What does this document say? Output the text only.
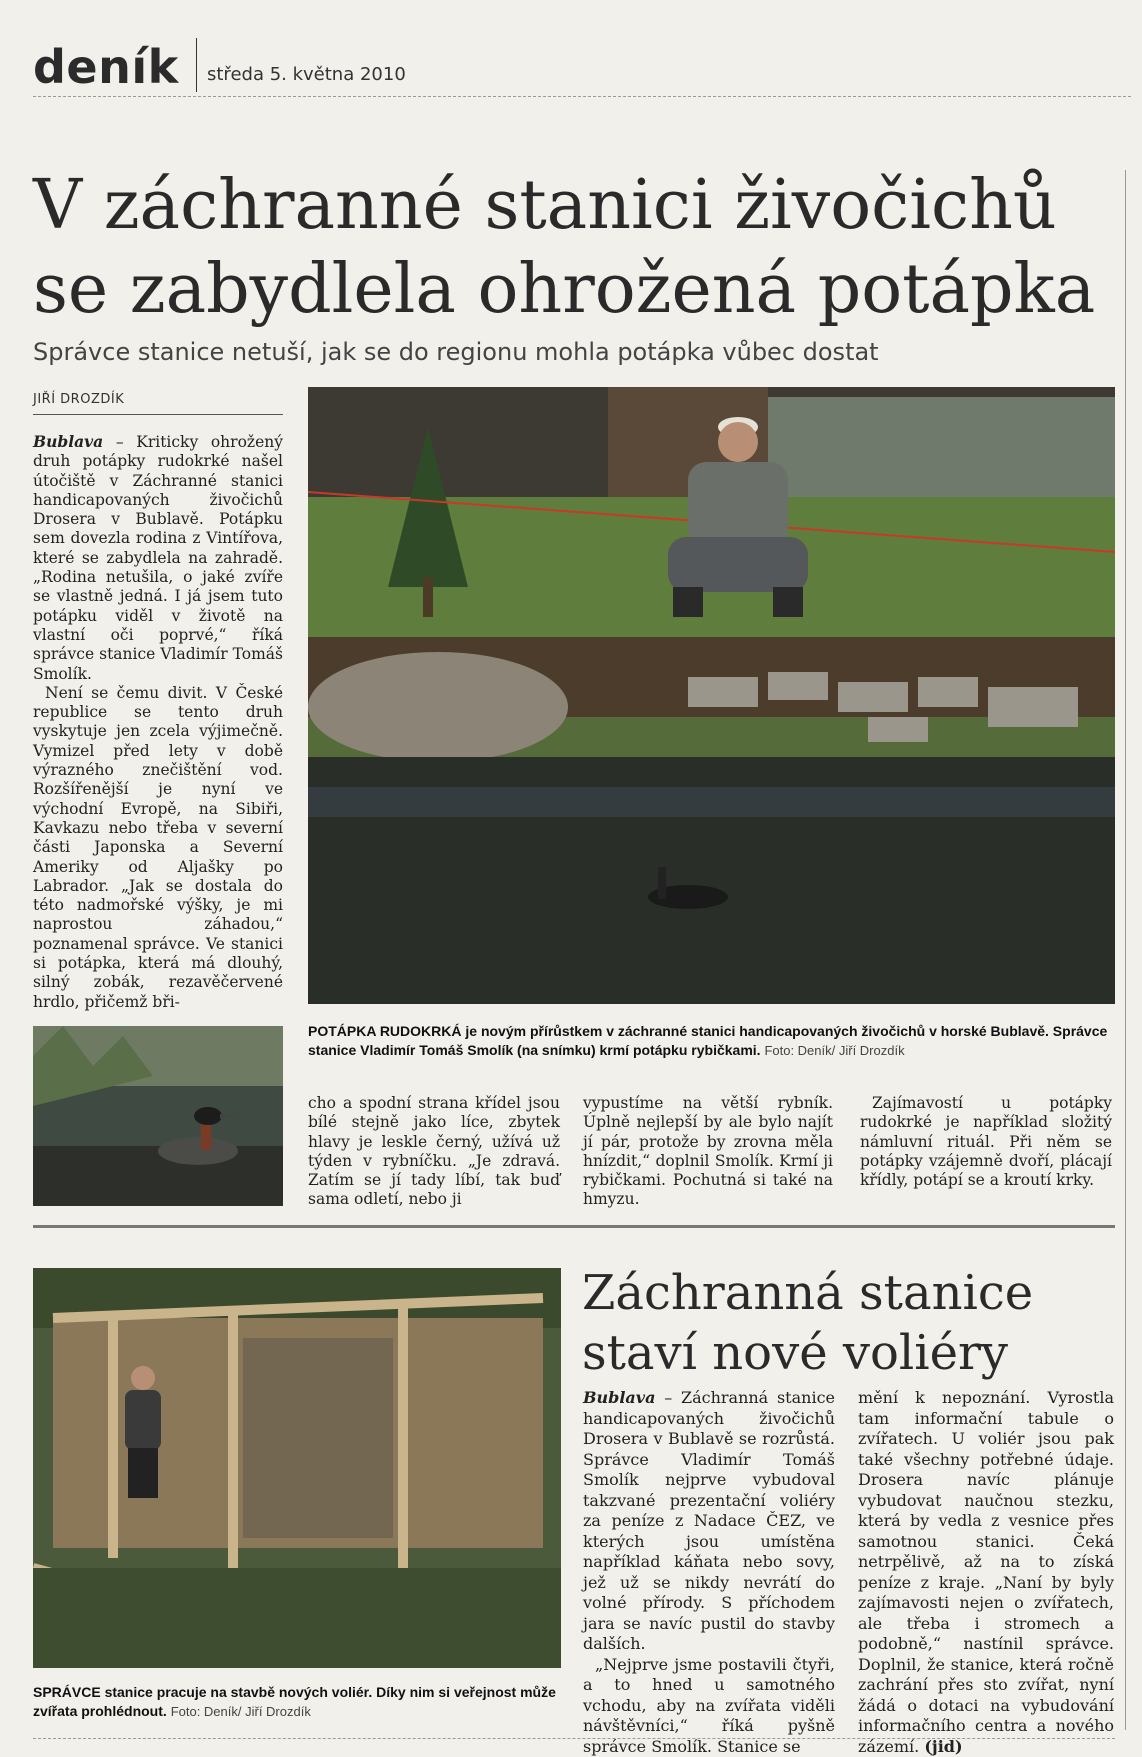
deník středa 5. května 2010
V záchranné stanici živočichů
se zabydlela ohrožená potápka
Správce stanice netuší, jak se do regionu mohla potápka vůbec dostat
JIŘÍ DROZDÍK

Bublava – Kriticky ohrožený druh potápky rudokrké našel útočiště v Záchranné stanici handicapovaných živočichů Drosera v Bublavě. Potápku sem dovezla rodina z Vintířova, které se zabydlela na zahradě. „Rodina netušila, o jaké zvíře se vlastně jedná. I já jsem tuto potápku viděl v životě na vlastní oči poprvé,“ říká správce stanice Vladimír Tomáš Smolík.

Není se čemu divit. V České republice se tento druh vyskytuje jen zcela výjimečně. Vymizel před lety v době výrazného znečištění vod. Rozšířenější je nyní ve východní Evropě, na Sibiři, Kavkazu nebo třeba v severní části Japonska a Severní Ameriky od Aljašky po Labrador. „Jak se dostala do této nadmořské výšky, je mi naprostou záhadou,“ poznamenal správce. Ve stanici si potápka, která má dlouhý, silný zobák, rezavěčervené hrdlo, přičemž bři-

POTÁPKA RUDOKRKÁ je novým přírůstkem v záchranné stanici handicapovaných živočichů v horské Bublavě. Správce stanice Vladimír Tomáš Smolík (na snímku) krmí potápku rybičkami. Foto: Deník/ Jiří Drozdík

cho a spodní strana křídel jsou bílé stejně jako líce, zbytek hlavy je leskle černý, užívá už týden v rybníčku. „Je zdravá. Zatím se jí tady líbí, tak buď sama odletí, nebo ji

vypustíme na větší rybník. Úplně nejlepší by ale bylo najít jí pár, protože by zrovna měla hnízdit,“ doplnil Smolík. Krmí ji rybičkami. Pochutná si také na hmyzu.

Zajímavostí u potápky rudokrké je například složitý námluvní rituál. Při něm se potápky vzájemně dvoří, plácají křídly, potápí se a kroutí krky.

SPRÁVCE stanice pracuje na stavbě nových voliér. Díky nim si veřejnost může zvířata prohlédnout. Foto: Deník/ Jiří Drozdík
Záchranná stanice
staví nové voliéry

Bublava – Záchranná stanice handicapovaných živočichů Drosera v Bublavě se rozrůstá. Správce Vladimír Tomáš Smolík nejprve vybudoval takzvané prezentační voliéry za peníze z Nadace ČEZ, ve kterých jsou umístěna například káňata nebo sovy, jež už se nikdy nevrátí do volné přírody. S příchodem jara se navíc pustil do stavby dalších.

„Nejprve jsme postavili čtyři, a to hned u samotného vchodu, aby na zvířata viděli návštěvníci,“ říká pyšně správce Smolík. Stanice se

mění k nepoznání. Vyrostla tam informační tabule o zvířatech. U voliér jsou pak také všechny potřebné údaje. Drosera navíc plánuje vybudovat naučnou stezku, která by vedla z vesnice přes samotnou stanici. Čeká netrpělivě, až na to získá peníze z kraje. „Naní by byly zajímavosti nejen o zvířatech, ale třeba i stromech a podobně,“ nastínil správce. Doplnil, že stanice, která ročně zachrání přes sto zvířat, nyní žádá o dotaci na vybudování informačního centra a nového zázemí. (jid)
